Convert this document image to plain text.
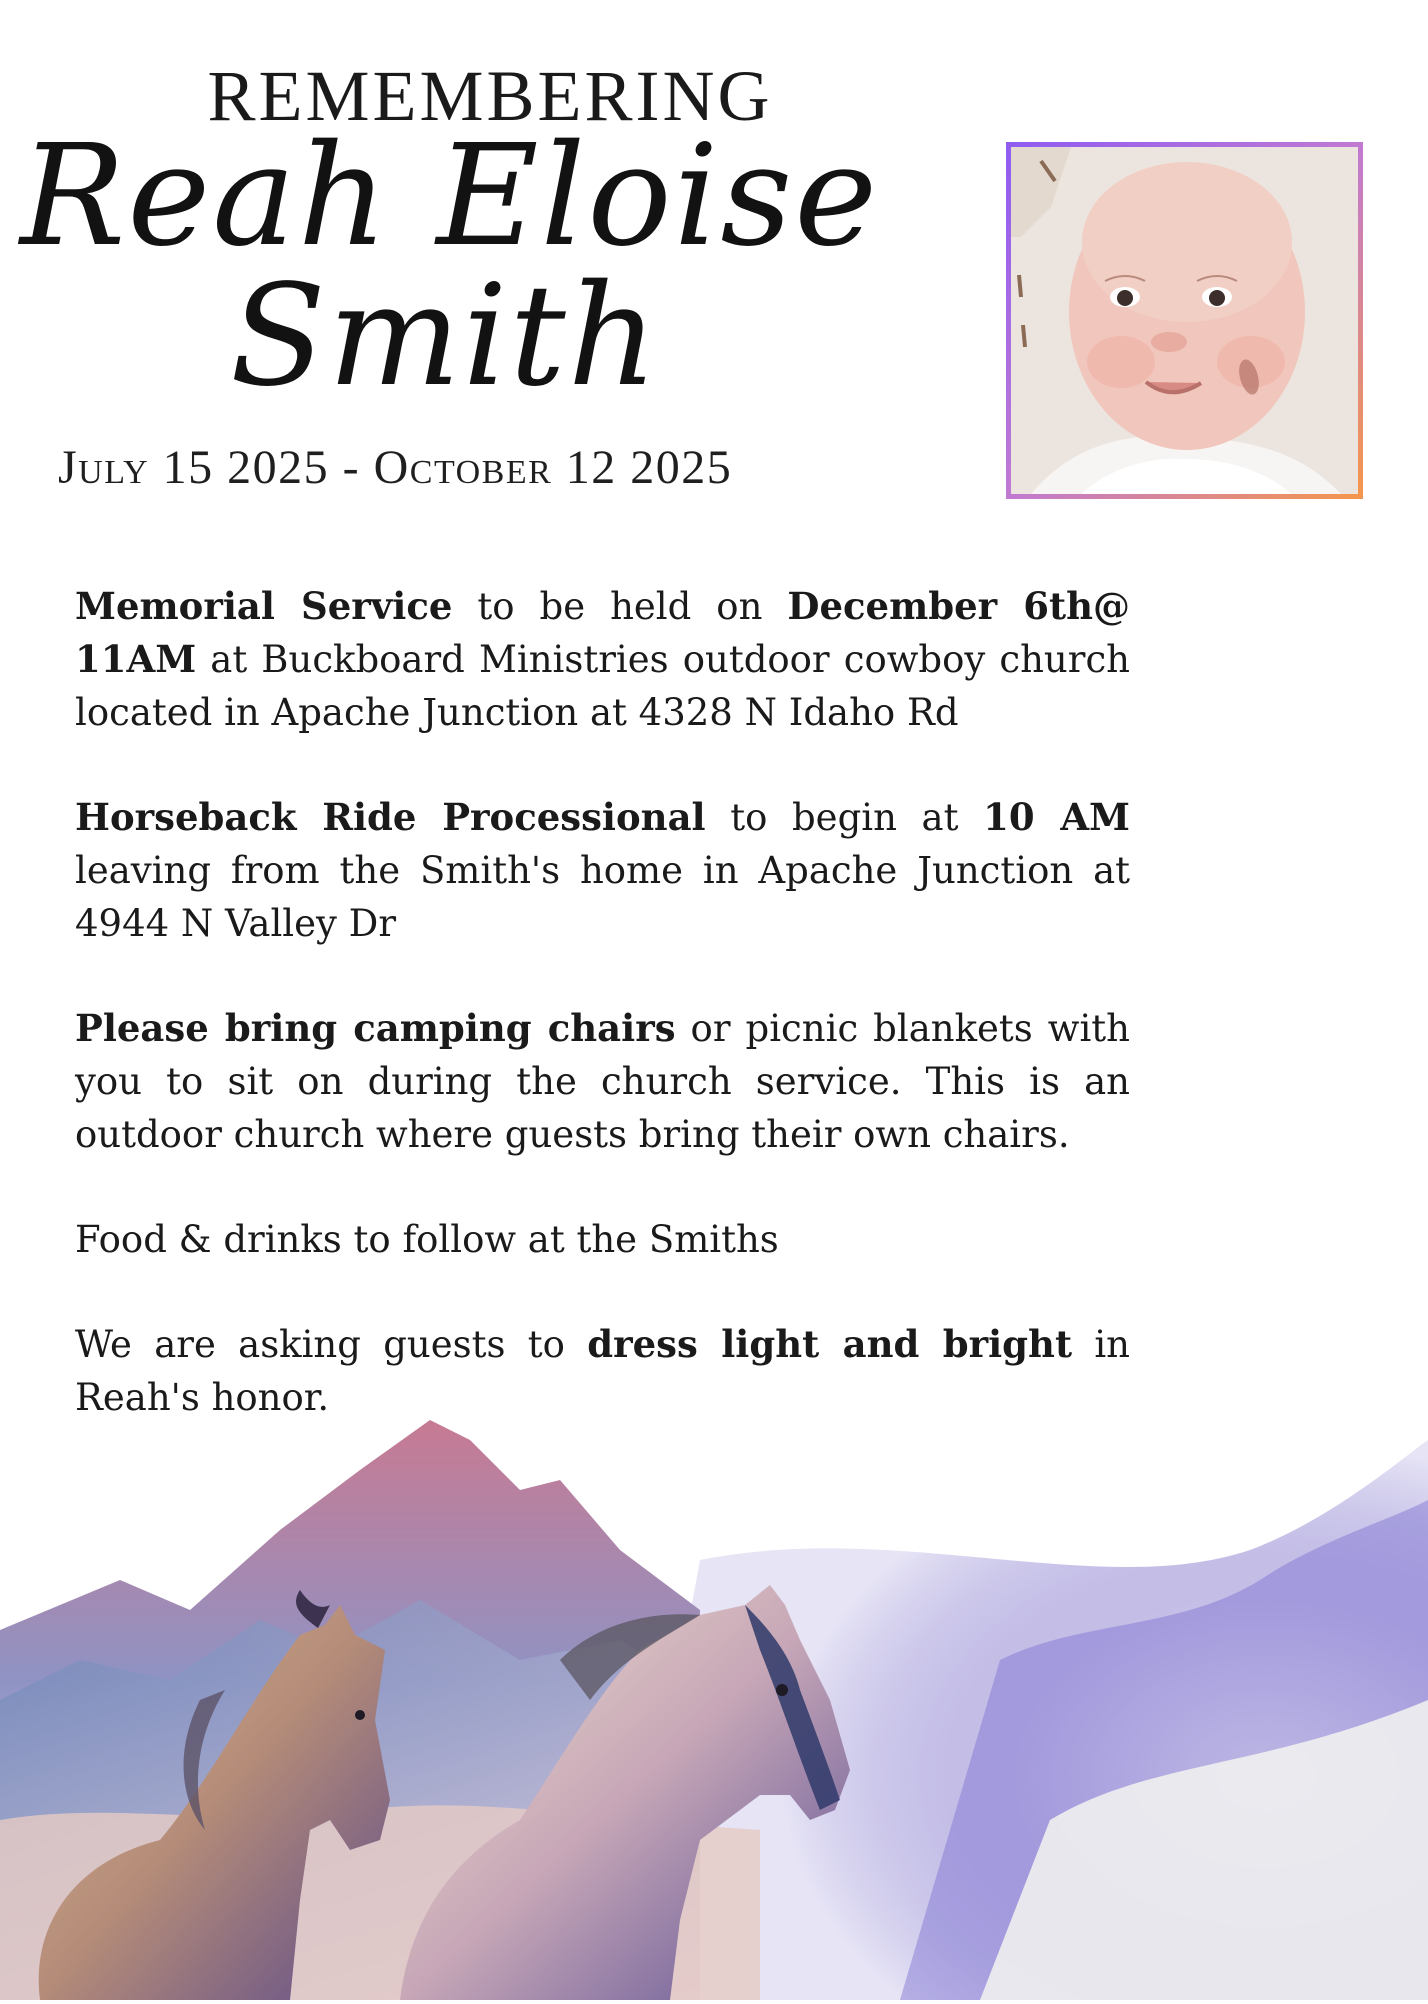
REMEMBERING
Reah Eloise
Smith
July 15 2025 - October 12 2025

Memorial Service to be held on December 6th@ 11AM at Buckboard Ministries outdoor cowboy church located in Apache Junction at 4328 N Idaho Rd

Horseback Ride Processional to begin at 10 AM leaving from the Smith's home in Apache Junction at 4944 N Valley Dr

Please bring camping chairs or picnic blankets with you to sit on during the church service. This is an outdoor church where guests bring their own chairs.

Food & drinks to follow at the Smiths

We are asking guests to dress light and bright in Reah's honor.
